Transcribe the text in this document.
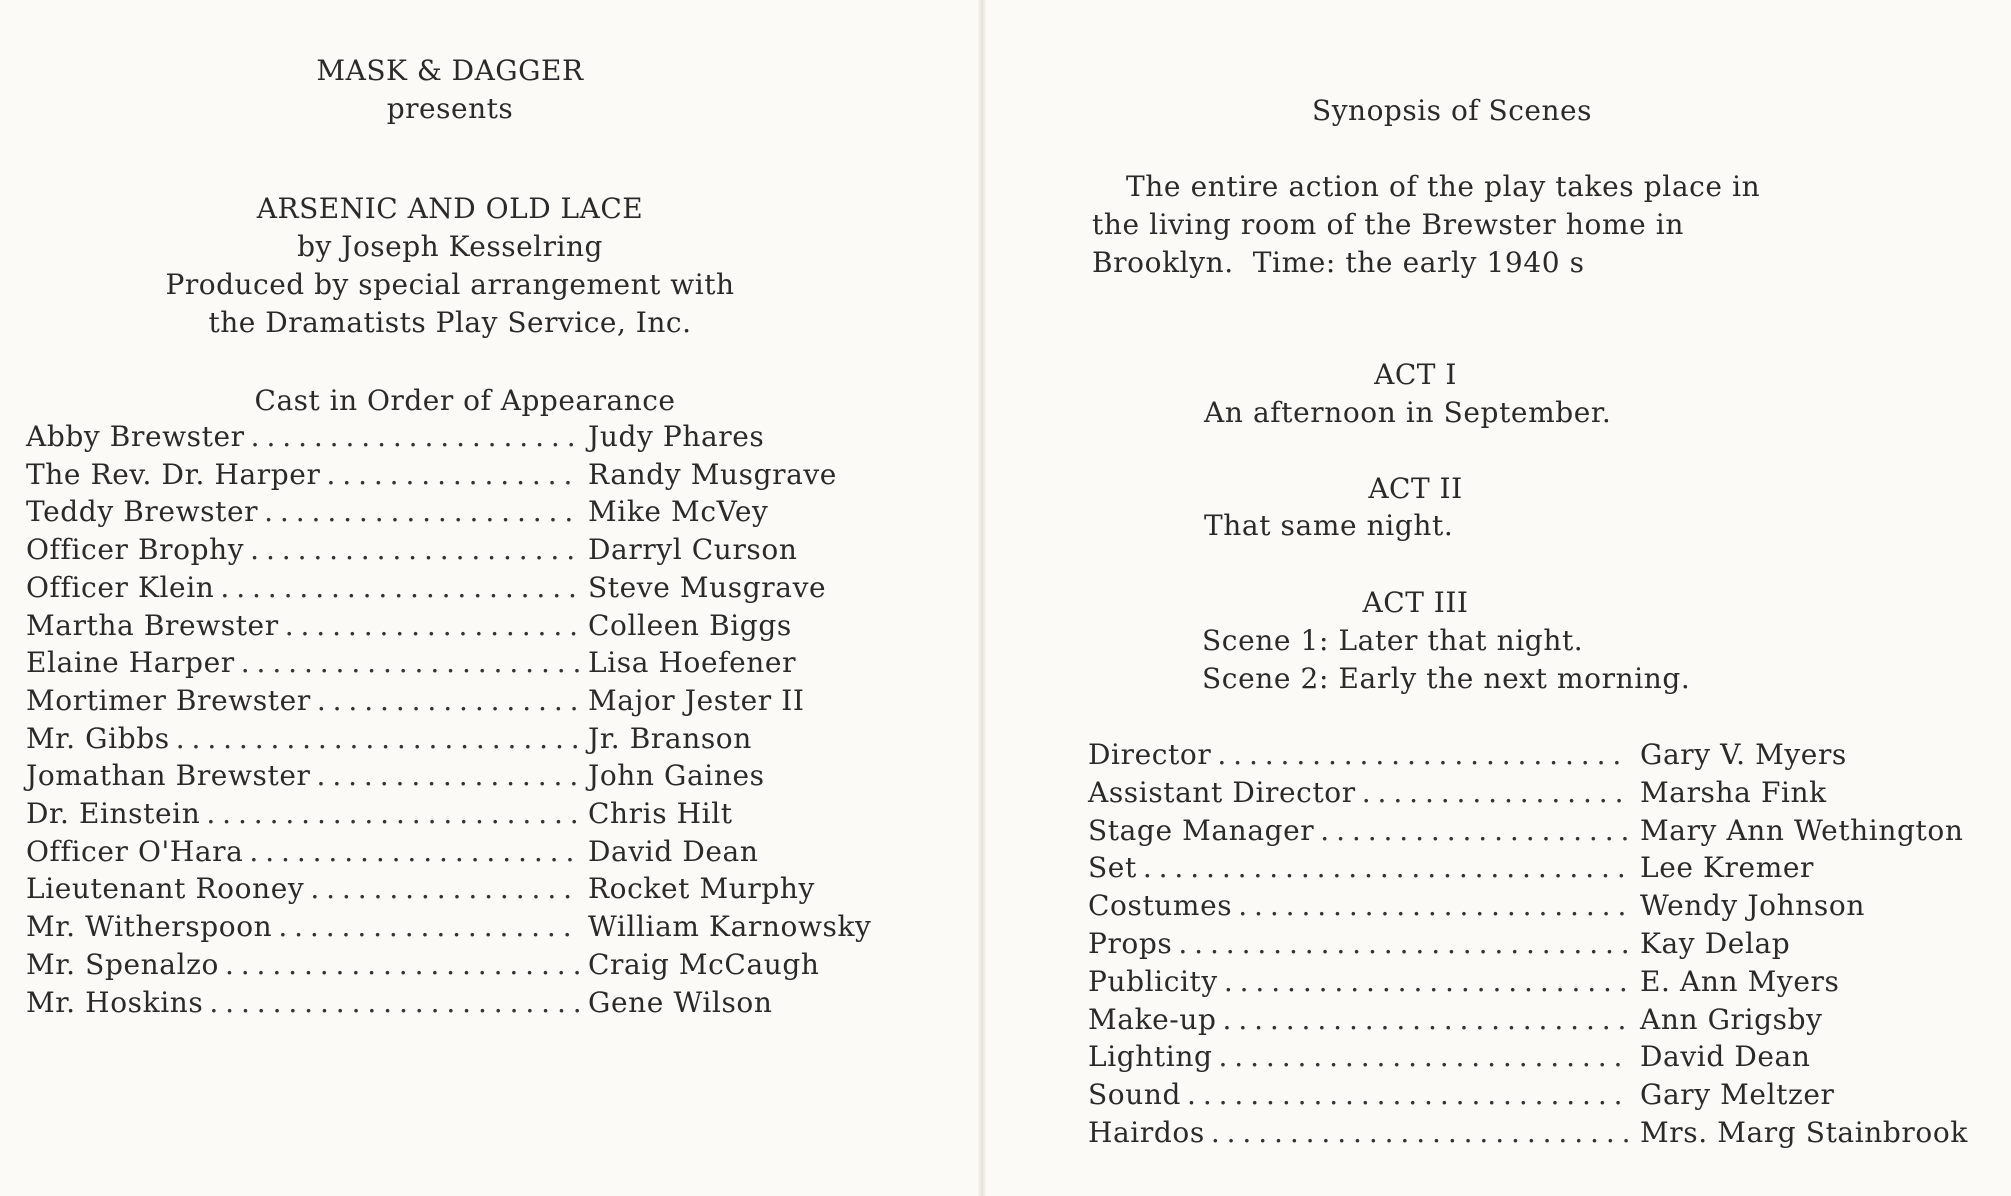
MASK & DAGGER
presents
ARSENIC AND OLD LACE
by Joseph Kesselring
Produced by special arrangement with
the Dramatists Play Service, Inc.
Cast in Order of Appearance
Abby Brewster . . .	Judy Phares
The Rev. Dr. Harper . . .	Randy Musgrave
Teddy Brewster . . .	Mike McVey
Officer Brophy . . .	Darryl Curson
Officer Klein . . .	Steve Musgrave
Martha Brewster . . .	Colleen Biggs
Elaine Harper . . .	Lisa Hoefener
Mortimer Brewster . . .	Major Jester II
Mr. Gibbs . . .	Jr. Branson
Jomathan Brewster . . .	John Gaines
Dr. Einstein . . .	Chris Hilt
Officer O'Hara . . .	David Dean
Lieutenant Rooney . . .	Rocket Murphy
Mr. Witherspoon . . .	William Karnowsky
Mr. Spenalzo . . .	Craig McCaugh
Mr. Hoskins . . .	Gene Wilson
Synopsis of Scenes
The entire action of the play takes place in
the living room of the Brewster home in
Brooklyn.  Time: the early 1940 s
ACT I
An afternoon in September.
ACT II
That same night.
ACT III
Scene 1: Later that night.
Scene 2: Early the next morning.
Director . . .	Gary V. Myers
Assistant Director . . .	Marsha Fink
Stage Manager . . .	Mary Ann Wethington
Set . . .	Lee Kremer
Costumes . . .	Wendy Johnson
Props . . .	Kay Delap
Publicity . . .	E. Ann Myers
Make-up . . .	Ann Grigsby
Lighting . . .	David Dean
Sound . . .	Gary Meltzer
Hairdos . . .	Mrs. Marg Stainbrook
